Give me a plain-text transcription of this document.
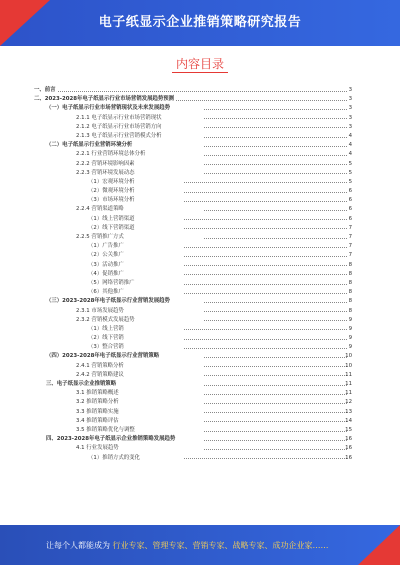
电子纸显示企业推销策略研究报告
内容目录
一、前言	3
二、2023-2028年电子纸显示行业市场营销发展趋势预测	3
（一）电子纸显示行业市场营销现状及未来发展趋势	3
2.1.1 电子纸显示行业市场营销现状	3
2.1.2 电子纸显示行业市场营销方向	3
2.1.3 电子纸显示行业营销模式分析	4
（二）电子纸显示行业营销环境分析	4
2.2.1 行业营销环境总体分析	4
2.2.2 营销环境影响因素	5
2.2.3 营销环境发展动态	5
（1）宏观环境分析	5
（2）微观环境分析	6
（3）市场环境分析	6
2.2.4 营销渠道策略	6
（1）线上营销渠道	6
（2）线下营销渠道	7
2.2.5 营销推广方式	7
（1）广告推广	7
（2）公关推广	7
（3）活动推广	8
（4）促销推广	8
（5）网络营销推广	8
（6）其他推广	8
（三）2023-2028年电子纸显示行业营销发展趋势	8
2.3.1 市场发展趋势	8
2.3.2 营销模式发展趋势	9
（1）线上营销	9
（2）线下营销	9
（3）整合营销	9
（四）2023-2028年电子纸显示行业营销策略	10
2.4.1 营销策略分析	10
2.4.2 营销策略建议	11
三、电子纸显示企业推销策略	11
3.1 推销策略概述	11
3.2 推销策略分析	12
3.3 推销策略实施	13
3.4 推销策略评估	14
3.5 推销策略优化与调整	15
四、2023-2028年电子纸显示企业推销策略发展趋势	16
4.1 行业发展趋势	16
（1）推销方式的变化	16
让每个人都能成为 行业专家、管理专家、营销专家、战略专家、成功企业家……
